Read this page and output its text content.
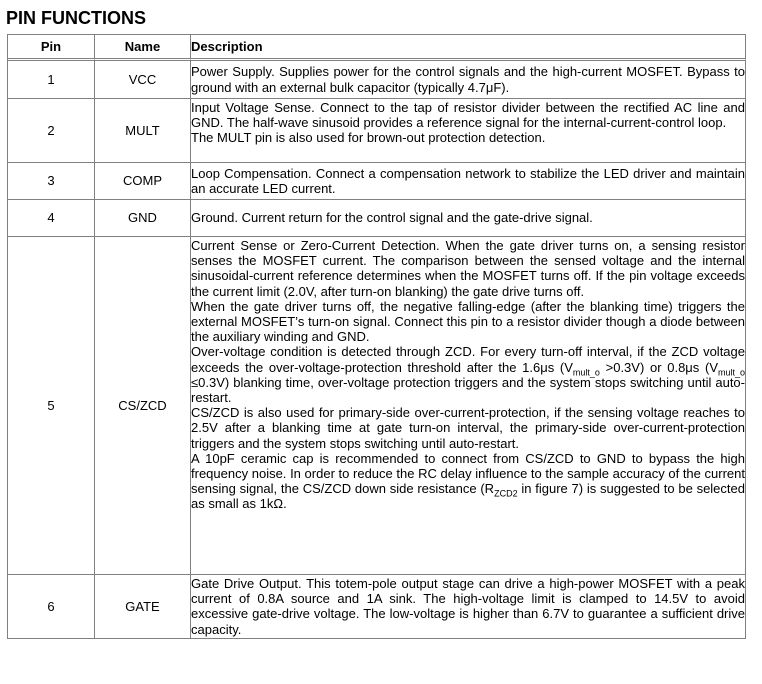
PIN FUNCTIONS
Pin	Name	Description
1	VCC	Power Supply. Supplies power for the control signals and the high-current MOSFET. Bypass to ground with an external bulk capacitor (typically 4.7μF).

2	MULT	Input Voltage Sense. Connect to the tap of resistor divider between the rectified AC line and GND. The half-wave sinusoid provides a reference signal for the internal-current-control loop.

The MULT pin is also used for brown-out protection detection.

3	COMP	Loop Compensation. Connect a compensation network to stabilize the LED driver and maintain an accurate LED current.

4	GND	Ground. Current return for the control signal and the gate-drive signal.

5	CS/ZCD	Current Sense or Zero-Current Detection. When the gate driver turns on, a sensing resistor senses the MOSFET current. The comparison between the sensed voltage and the internal sinusoidal-current reference determines when the MOSFET turns off. If the pin voltage exceeds the current limit (2.0V, after turn-on blanking) the gate drive turns off.

When the gate driver turns off, the negative falling-edge (after the blanking time) triggers the external MOSFET’s turn-on signal. Connect this pin to a resistor divider though a diode between the auxiliary winding and GND.

Over-voltage condition is detected through ZCD. For every turn-off interval, if the ZCD voltage exceeds the over-voltage-protection threshold after the 1.6μs $(V_{mult\_o} >0.3V)$ or 0.8μs $(V_{mult\_o} \le 0.3V)$ blanking time, over-voltage protection triggers and the system stops switching until auto-restart.

CS/ZCD is also used for primary-side over-current-protection, if the sensing voltage reaches to 2.5V after a blanking time at gate turn-on interval, the primary-side over-current-protection triggers and the system stops switching until auto-restart.

A 10pF ceramic cap is recommended to connect from CS/ZCD to GND to bypass the high frequency noise. In order to reduce the RC delay influence to the sample accuracy of the current sensing signal, the CS/ZCD down side resistance ($R_{ZCD2}$ in figure 7) is suggested to be selected as small as 1kΩ.

6	GATE	Gate Drive Output. This totem-pole output stage can drive a high-power MOSFET with a peak current of 0.8A source and 1A sink. The high-voltage limit is clamped to 14.5V to avoid excessive gate-drive voltage. The low-voltage is higher than 6.7V to guarantee a sufficient drive capacity.
